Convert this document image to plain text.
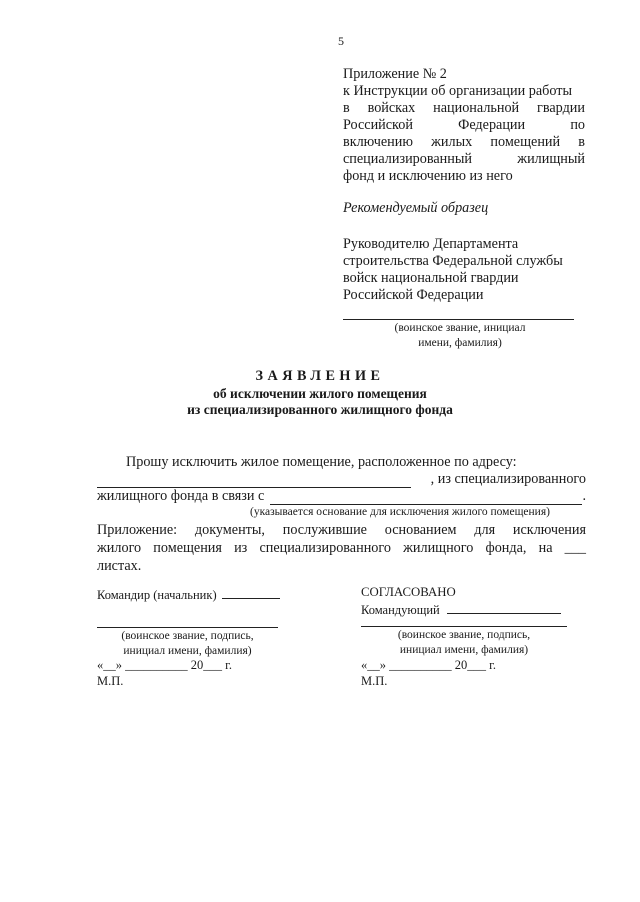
5
Приложение № 2
к Инструкции об организации работы
в войсках национальной гвардии
Российской	Федерации	по
включению жилых помещений в
специализированный	жилищный
фонд и исключению из него
Рекомендуемый образец
Руководителю Департамента
строительства Федеральной службы
войск национальной гвардии
Российской Федерации
(воинское звание, инициал
имени, фамилия)
ЗАЯВЛЕНИЕ
об исключении жилого помещения
из специализированного жилищного фонда
Прошу исключить жилое помещение, расположенное по адресу:
, из специализированного
жилищного фонда в связи с	.
(указывается основание для исключения жилого помещения)
Приложение: документы, послужившие основанием для исключения
жилого помещения из специализированного жилищного фонда, на ___
листах.
Командир (начальник)
(воинское звание, подпись,
инициал имени, фамилия)
«__» __________ 20___ г.
М.П.
СОГЛАСОВАНО
Командующий
(воинское звание, подпись,
инициал имени, фамилия)
«__» __________ 20___ г.
М.П.
